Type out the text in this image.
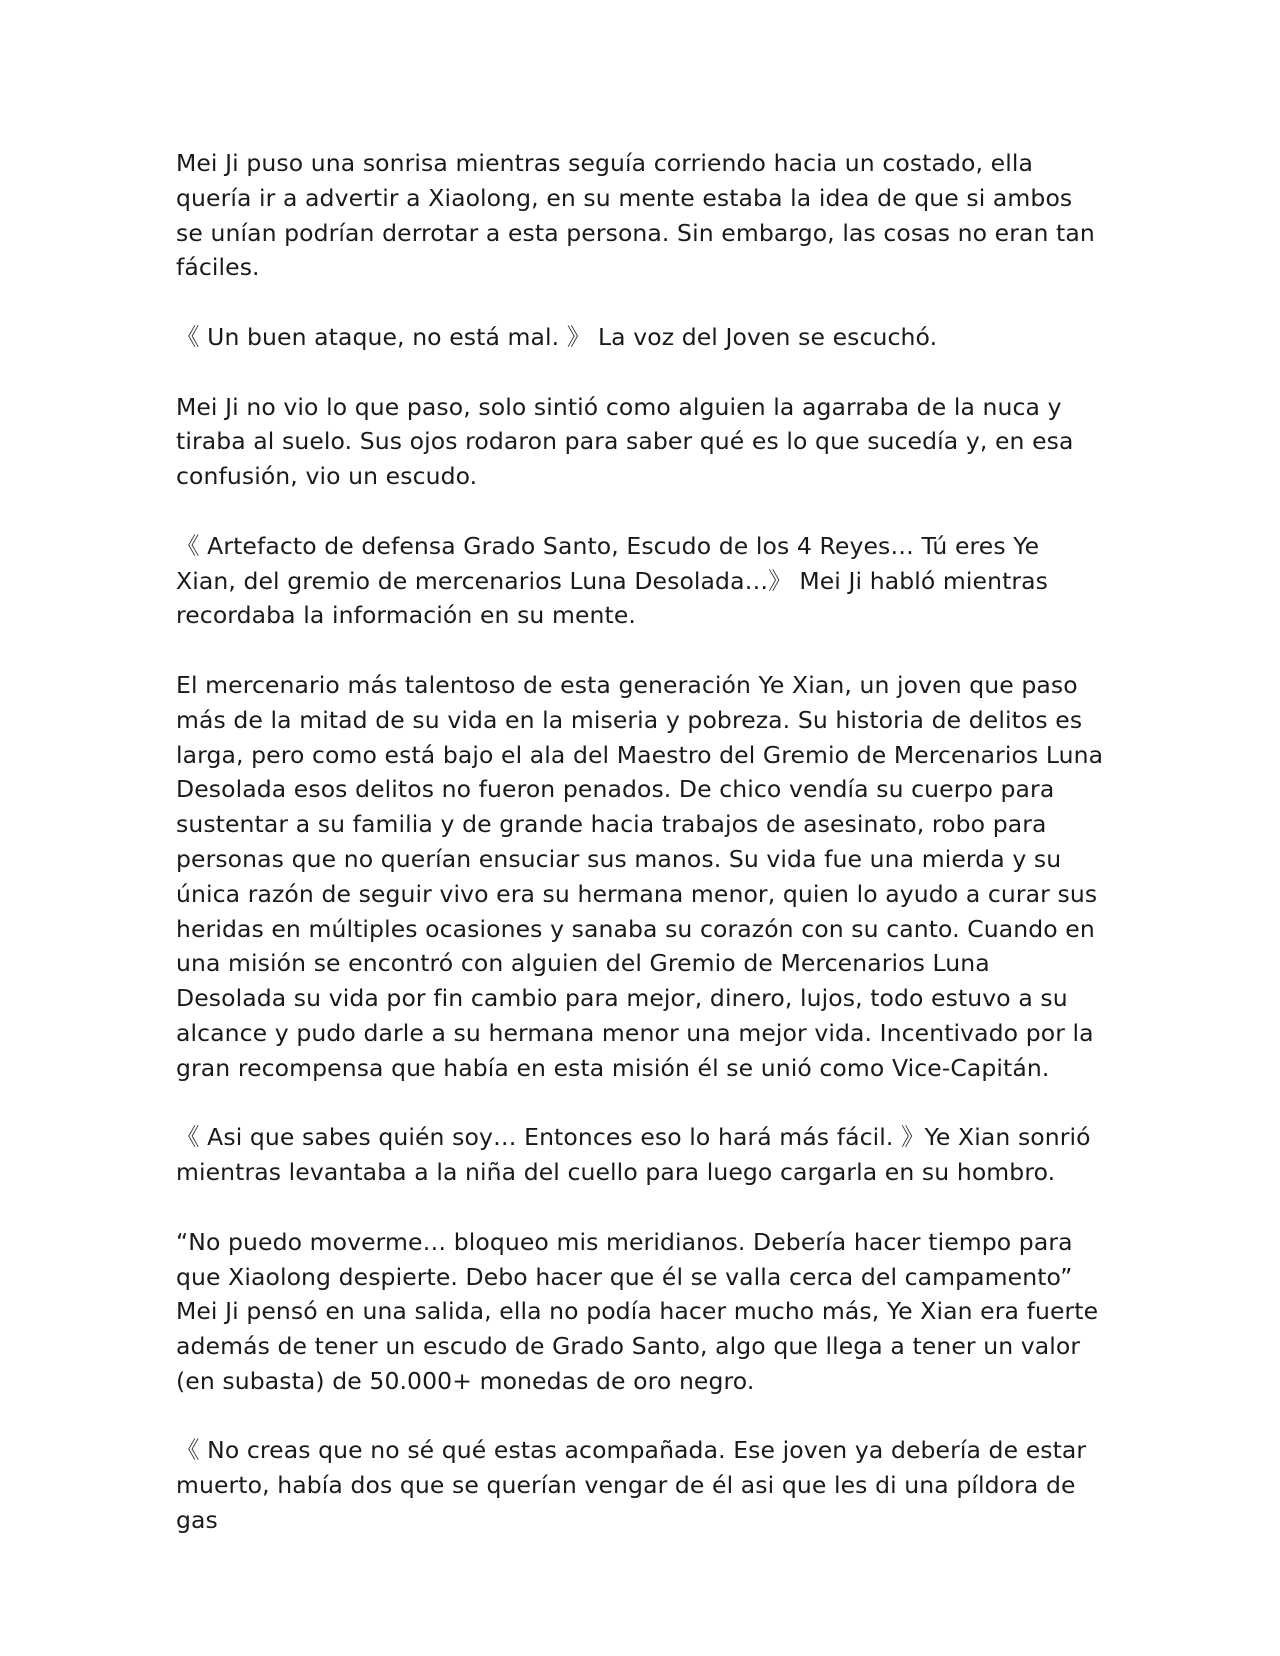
Mei Ji puso una sonrisa mientras seguía corriendo hacia un costado, ella quería ir a advertir a Xiaolong, en su mente estaba la idea de que si ambos se unían podrían derrotar a esta persona. Sin embargo, las cosas no eran tan fáciles.

《 Un buen ataque, no está mal. 》 La voz del Joven se escuchó.

Mei Ji no vio lo que paso, solo sintió como alguien la agarraba de la nuca y tiraba al suelo. Sus ojos rodaron para saber qué es lo que sucedía y, en esa confusión, vio un escudo.

《 Artefacto de defensa Grado Santo, Escudo de los 4 Reyes… Tú eres Ye Xian, del gremio de mercenarios Luna Desolada…》 Mei Ji habló mientras recordaba la información en su mente.

El mercenario más talentoso de esta generación Ye Xian, un joven que paso más de la mitad de su vida en la miseria y pobreza. Su historia de delitos es larga, pero como está bajo el ala del Maestro del Gremio de Mercenarios Luna Desolada esos delitos no fueron penados. De chico vendía su cuerpo para sustentar a su familia y de grande hacia trabajos de asesinato, robo para personas que no querían ensuciar sus manos. Su vida fue una mierda y su única razón de seguir vivo era su hermana menor, quien lo ayudo a curar sus heridas en múltiples ocasiones y sanaba su corazón con su canto. Cuando en una misión se encontró con alguien del Gremio de Mercenarios Luna Desolada su vida por fin cambio para mejor, dinero, lujos, todo estuvo a su alcance y pudo darle a su hermana menor una mejor vida. Incentivado por la gran recompensa que había en esta misión él se unió como Vice-Capitán.

《 Asi que sabes quién soy… Entonces eso lo hará más fácil. 》Ye Xian sonrió mientras levantaba a la niña del cuello para luego cargarla en su hombro.

“No puedo moverme… bloqueo mis meridianos. Debería hacer tiempo para que Xiaolong despierte. Debo hacer que él se valla cerca del campamento” Mei Ji pensó en una salida, ella no podía hacer mucho más, Ye Xian era fuerte además de tener un escudo de Grado Santo, algo que llega a tener un valor (en subasta) de 50.000+ monedas de oro negro.

《 No creas que no sé qué estas acompañada. Ese joven ya debería de estar muerto, había dos que se querían vengar de él asi que les di una píldora de gas
